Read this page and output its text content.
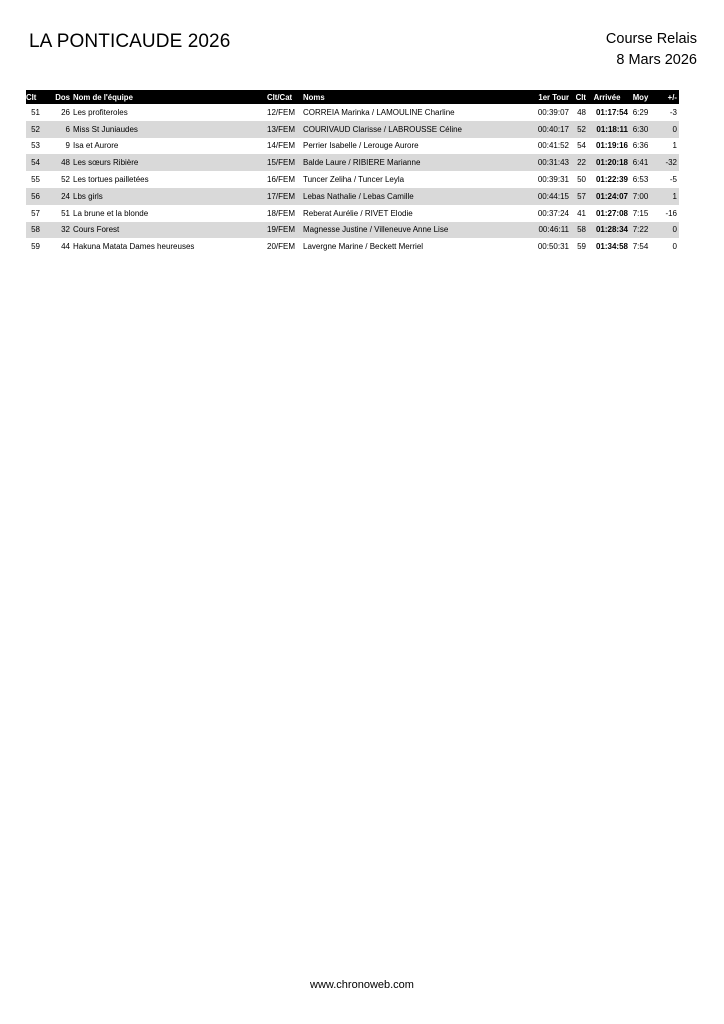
LA PONTICAUDE 2026	Course Relais
8 Mars 2026
Clt	Dos	Nom de l'équipe	Clt/Cat	Noms	1er Tour	Clt	Arrivée	Moy	+/-
51	26	Les profiteroles	12/FEM	CORREIA Marinka / LAMOULINE Charline	00:39:07	48	01:17:54	6:29	-3
52	6	Miss St Juniaudes	13/FEM	COURIVAUD Clarisse / LABROUSSE Céline	00:40:17	52	01:18:11	6:30	0
53	9	Isa et Aurore	14/FEM	Perrier Isabelle / Lerouge Aurore	00:41:52	54	01:19:16	6:36	1
54	48	Les sœurs Ribière	15/FEM	Balde Laure / RIBIERE Marianne	00:31:43	22	01:20:18	6:41	-32
55	52	Les tortues pailletées	16/FEM	Tuncer Zeliha / Tuncer Leyla	00:39:31	50	01:22:39	6:53	-5
56	24	Lbs girls	17/FEM	Lebas Nathalie / Lebas Camille	00:44:15	57	01:24:07	7:00	1
57	51	La brune et la blonde	18/FEM	Reberat Aurélie / RIVET Elodie	00:37:24	41	01:27:08	7:15	-16
58	32	Cours Forest	19/FEM	Magnesse Justine / Villeneuve Anne Lise	00:46:11	58	01:28:34	7:22	0
59	44	Hakuna Matata Dames heureuses	20/FEM	Lavergne Marine / Beckett Merriel	00:50:31	59	01:34:58	7:54	0
www.chronoweb.com
